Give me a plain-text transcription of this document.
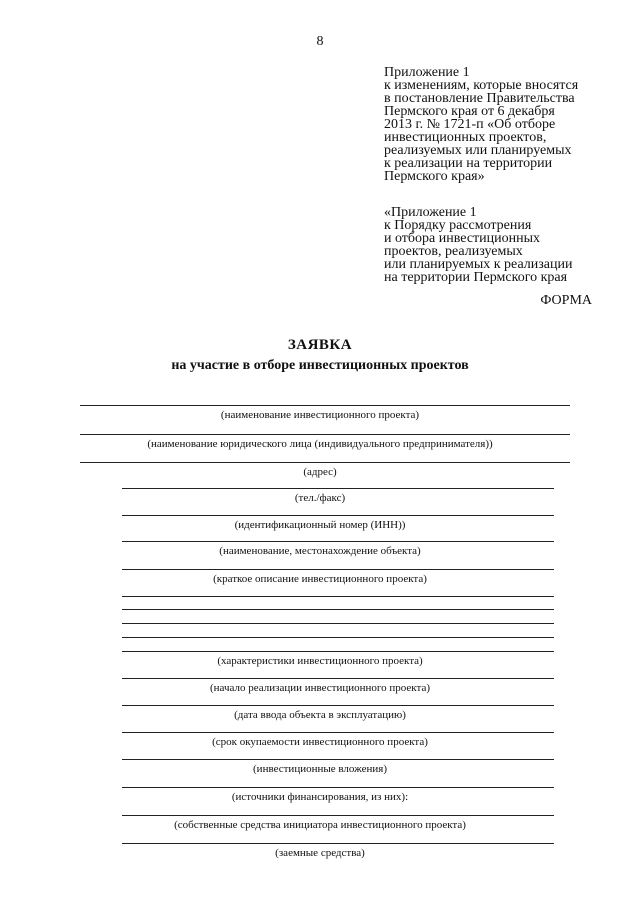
8
Приложение 1
к изменениям, которые вносятся
в постановление Правительства
Пермского края от 6 декабря
2013 г. № 1721-п «Об отборе
инвестиционных проектов,
реализуемых или планируемых
к реализации на территории
Пермского края»
«Приложение 1
к Порядку рассмотрения
и отбора инвестиционных
проектов, реализуемых
или планируемых к реализации
на территории Пермского края
ФОРМА
ЗАЯВКА
на участие в отборе инвестиционных проектов
(наименование инвестиционного проекта)
(наименование юридического лица (индивидуального предпринимателя))
(адрес)
(тел./факс)
(идентификационный номер (ИНН))
(наименование, местонахождение объекта)
(краткое описание инвестиционного проекта)
(характеристики инвестиционного проекта)
(начало реализации инвестиционного проекта)
(дата ввода объекта в эксплуатацию)
(срок окупаемости инвестиционного проекта)
(инвестиционные вложения)
(источники финансирования, из них):
(собственные средства инициатора инвестиционного проекта)
(заемные средства)
